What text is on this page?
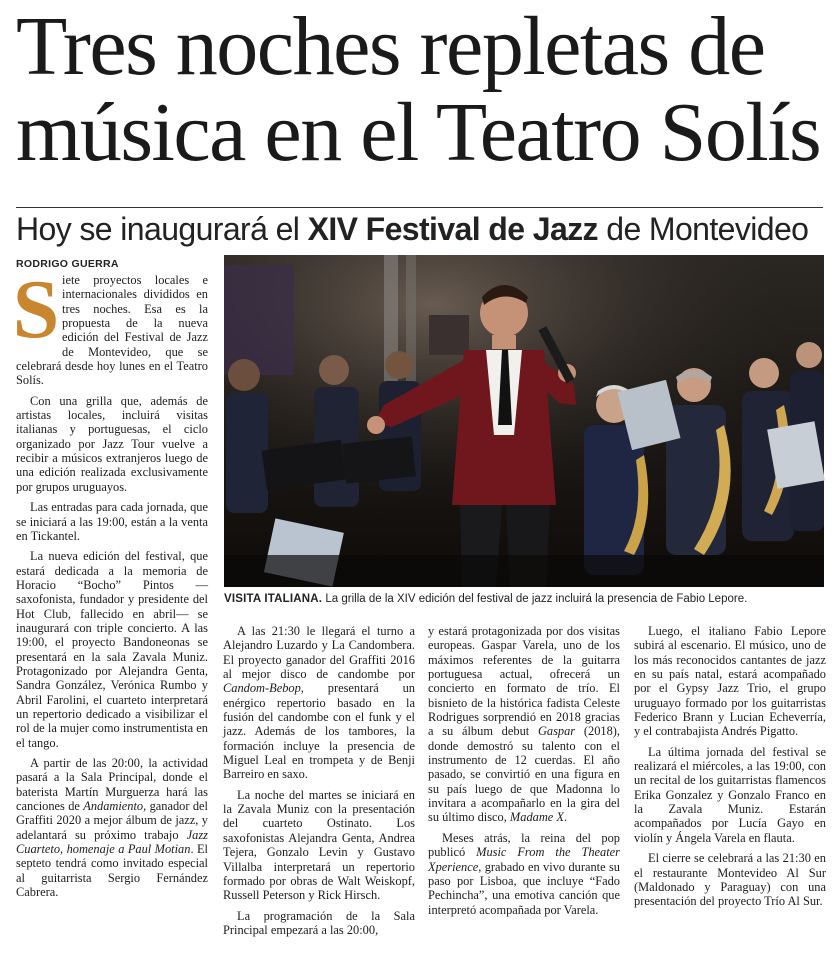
Tres noches repletas de música en el Teatro Solís
Hoy se inaugurará el XIV Festival de Jazz de Montevideo
RODRIGO GUERRA

S iete proyectos locales e internacionales divididos en tres noches. Esa es la propuesta de la nueva edición del Festival de Jazz de Montevideo, que se celebrará desde hoy lunes en el Teatro Solís.

Con una grilla que, además de artistas locales, incluirá visitas italianas y portuguesas, el ciclo organizado por Jazz Tour vuelve a recibir a músicos extranjeros luego de una edición realizada exclusivamente por grupos uruguayos.

Las entradas para cada jornada, que se iniciará a las 19:00, están a la venta en Tickantel.

La nueva edición del festival, que estará dedicada a la memoria de Horacio “Bocho” Pintos —saxofonista, fundador y presidente del Hot Club, fallecido en abril— se inaugurará con triple concierto. A las 19:00, el proyecto Bandoneonas se presentará en la sala Zavala Muniz. Protagonizado por Alejandra Genta, Sandra González, Verónica Rumbo y Abril Farolini, el cuarteto interpretará un repertorio dedicado a visibilizar el rol de la mujer como instrumentista en el tango.

A partir de las 20:00, la actividad pasará a la Sala Principal, donde el baterista Martín Murguerza hará las canciones de Andamiento, ganador del Graffiti 2020 a mejor álbum de jazz, y adelantará su próximo trabajo Jazz Cuarteto, homenaje a Paul Motian. El septeto tendrá como invitado especial al guitarrista Sergio Fernández Cabrera.

VISITA ITALIANA. La grilla de la XIV edición del festival de jazz incluirá la presencia de Fabio Lepore.

A las 21:30 le llegará el turno a Alejandro Luzardo y La Candombera. El proyecto ganador del Graffiti 2016 al mejor disco de candombe por Candom-Bebop, presentará un enérgico repertorio basado en la fusión del candombe con el funk y el jazz. Además de los tambores, la formación incluye la presencia de Miguel Leal en trompeta y de Benji Barreiro en saxo.

La noche del martes se iniciará en la Zavala Muniz con la presentación del cuarteto Ostinato. Los saxofonistas Alejandra Genta, Andrea Tejera, Gonzalo Levin y Gustavo Villalba interpretará un repertorio formado por obras de Walt Weiskopf, Russell Peterson y Rick Hirsch.

La programación de la Sala Principal empezará a las 20:00,

y estará protagonizada por dos visitas europeas. Gaspar Varela, uno de los máximos referentes de la guitarra portuguesa actual, ofrecerá un concierto en formato de trío. El bisnieto de la histórica fadista Celeste Rodrigues sorprendió en 2018 gracias a su álbum debut Gaspar (2018), donde demostró su talento con el instrumento de 12 cuerdas. El año pasado, se convirtió en una figura en su país luego de que Madonna lo invitara a acompañarlo en la gira del su último disco, Madame X.

Meses atrás, la reina del pop publicó Music From the Theater Xperience, grabado en vivo durante su paso por Lisboa, que incluye “Fado Pechincha”, una emotiva canción que interpretó acompañada por Varela.

Luego, el italiano Fabio Lepore subirá al escenario. El músico, uno de los más reconocidos cantantes de jazz en su país natal, estará acompañado por el Gypsy Jazz Trio, el grupo uruguayo formado por los guitarristas Federico Brann y Lucian Echeverría, y el contrabajista Andrés Pigatto.

La última jornada del festival se realizará el miércoles, a las 19:00, con un recital de los guitarristas flamencos Erika Gonzalez y Gonzalo Franco en la Zavala Muniz. Estarán acompañados por Lucía Gayo en violín y Ángela Varela en flauta.

El cierre se celebrará a las 21:30 en el restaurante Montevideo Al Sur (Maldonado y Paraguay) con una presentación del proyecto Trío Al Sur.
